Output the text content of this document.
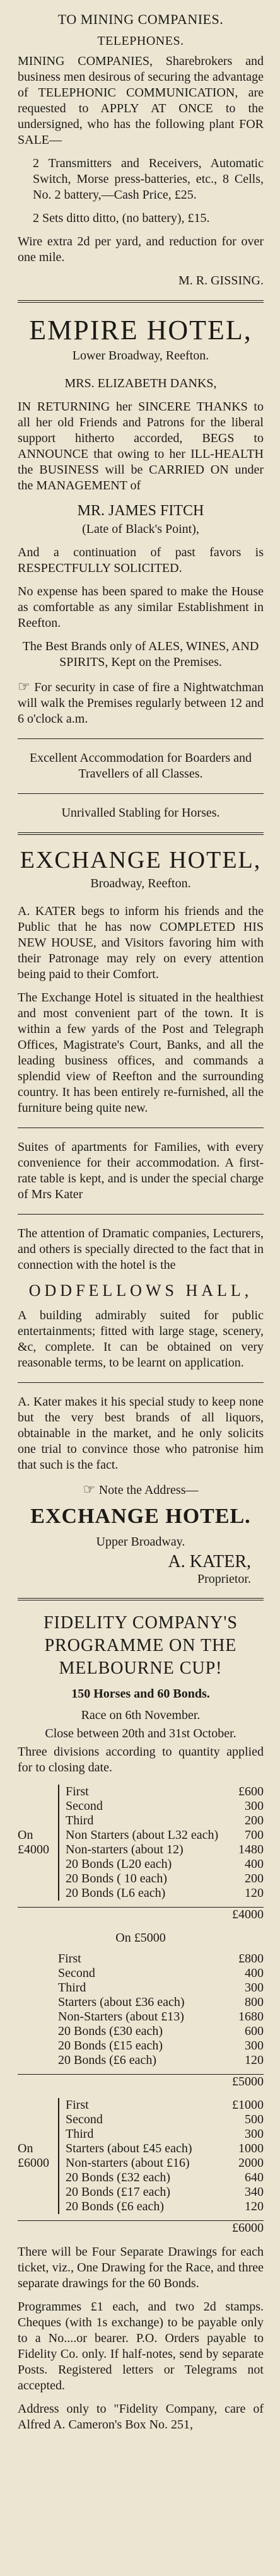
TO MINING COMPANIES.
TELEPHONES.

MINING COMPANIES, Sharebrokers and business men desirous of securing the advantage of TELEPHONIC COMMUNICATION, are requested to APPLY AT ONCE to the undersigned, who has the following plant FOR SALE—

2 Transmitters and Receivers, Automatic Switch, Morse press-batteries, etc., 8 Cells, No. 2 battery,—Cash Price, £25.

2 Sets ditto ditto, (no battery), £15.

Wire extra 2d per yard, and reduction for over one mile.

M. R. GISSING.

EMPIRE HOTEL,
Lower Broadway, Reefton.

MRS. ELIZABETH DANKS,

IN RETURNING her SINCERE THANKS to all her old Friends and Patrons for the liberal support hitherto accorded, BEGS to ANNOUNCE that owing to her ILL-HEALTH the BUSINESS will be CARRIED ON under the MANAGEMENT of

MR. JAMES FITCH

(Late of Black's Point),

And a continuation of past favors is RESPECTFULLY SOLICITED.

No expense has been spared to make the House as comfortable as any similar Establishment in Reefton.

The Best Brands only of ALES, WINES, AND SPIRITS, Kept on the Premises.

☞ For security in case of fire a Nightwatchman will walk the Premises regularly between 12 and 6 o'clock a.m.

Excellent Accommodation for Boarders and Travellers of all Classes.

Unrivalled Stabling for Horses.

EXCHANGE HOTEL,
Broadway, Reefton.

A. KATER begs to inform his friends and the Public that he has now COMPLETED HIS NEW HOUSE, and Visitors favoring him with their Patronage may rely on every attention being paid to their Comfort.

The Exchange Hotel is situated in the healthiest and most convenient part of the town. It is within a few yards of the Post and Telegraph Offices, Magistrate's Court, Banks, and all the leading business offices, and commands a splendid view of Reefton and the surrounding country. It has been entirely re-furnished, all the furniture being quite new.

Suites of apartments for Families, with every convenience for their accommodation. A first-rate table is kept, and is under the special charge of Mrs Kater

The attention of Dramatic companies, Lecturers, and others is specially directed to the fact that in connection with the hotel is the

ODDFELLOWS HALL,

A building admirably suited for public entertainments; fitted with large stage, scenery, &c, complete. It can be obtained on very reasonable terms, to be learnt on application.

A. Kater makes it his special study to keep none but the very best brands of all liquors, obtainable in the market, and he only solicits one trial to convince those who patronise him that such is the fact.

☞ Note the Address—

EXCHANGE HOTEL.
Upper Broadway.
A. KATER,
Proprietor.
FIDELITY COMPANY'S PROGRAMME ON THE MELBOURNE CUP!
150 Horses and 60 Bonds.

Race on 6th November.

Close between 20th and 31st October.

Three divisions according to quantity applied for to closing date.

On £4000
First	£600
Second	300
Third	200
Non Starters (about L32 each) 700
Non-starters (about 12)	1480
20 Bonds (L20 each)	400
20 Bonds ( 10 each)	200
20 Bonds (L6 each)	120
£4000
On £5000
First	£800
Second	400
Third	300
Starters (about £36 each)	800
Non-Starters (about £13)	1680
20 Bonds (£30 each)	600
20 Bonds (£15 each)	300
20 Bonds (£6 each)	120
£5000
On £6000
First	£1000
Second	500
Third	300
Starters (about £45 each)	1000
Non-starters (about £16)	2000
20 Bonds (£32 each)	640
20 Bonds (£17 each)	340
20 Bonds (£6 each)	120
£6000

There will be Four Separate Drawings for each ticket, viz., One Drawing for the Race, and three separate drawings for the 60 Bonds.

Programmes £1 each, and two 2d stamps. Cheques (with 1s exchange) to be payable only to a No....or bearer. P.O. Orders payable to Fidelity Co. only. If half-notes, send by separate Posts. Registered letters or Telegrams not accepted.

Address only to "Fidelity Company, care of Alfred A. Cameron's Box No. 251,
